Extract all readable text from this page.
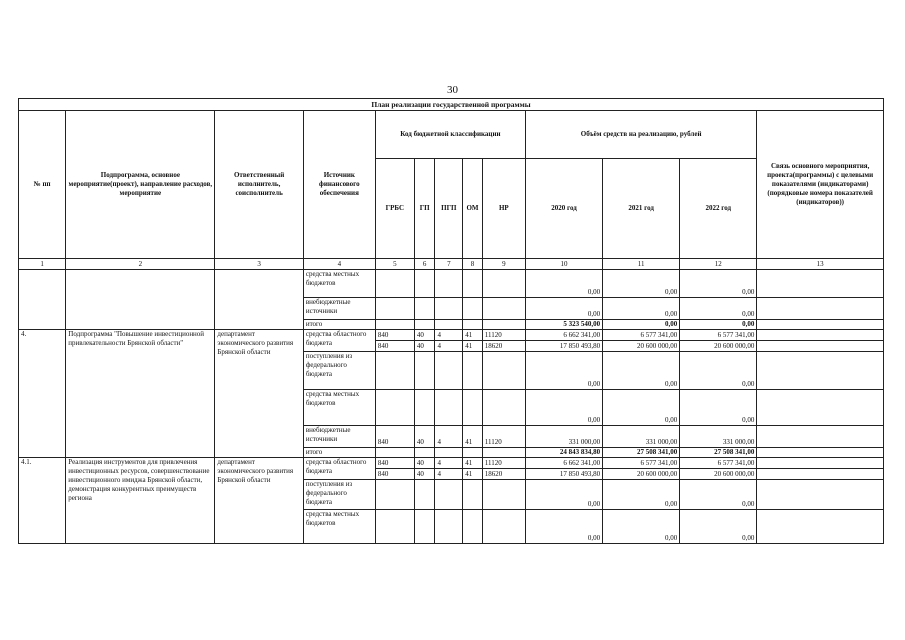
30
План реализации государственной программы												
№ пп	Подпрограмма, основное мероприятие(проект), направление расходов, мероприятие	Ответственный исполнитель, соисполнитель	Источник финансового обеспечения	Код бюджетной классификации					Объём средств на реализацию, рублей			Связь основного мероприятия, проекта(программы) с целевыми показателями (индикаторами) (порядковые номера показателей (индикаторов))
				ГРБС	ГП	ПГП	ОМ	НР	2020 год	2021 год	2022 год	
1	2	3	4	5	6	7	8	9	10	11	12	13
			средства местных бюджетов						0,00	0,00	0,00	
			внебюджетные источники						0,00	0,00	0,00	
			итого						5 323 540,00	0,00	0,00	
4.	Подпрограмма "Повышение инвестиционной привлекательности Брянской области"	департамент экономического развития Брянской области	средства областного бюджета	840	40	4	41	11120	6 662 341,00	6 577 341,00	6 577 341,00	
				840	40	4	41	18620	17 850 493,80	20 600 000,00	20 600 000,00	
			поступления из федерального бюджета						0,00	0,00	0,00	
			средства местных бюджетов						0,00	0,00	0,00	
			внебюджетные источники	840	40	4	41	11120	331 000,00	331 000,00	331 000,00	
			итого						24 843 834,80	27 508 341,00	27 508 341,00	
4.1.	Реализация инструментов для привлечения инвестиционных ресурсов, совершенствование инвестиционного имиджа Брянской области, демонстрация конкурентных преимуществ региона	департамент экономического развития Брянской области	средства областного бюджета	840	40	4	41	11120	6 662 341,00	6 577 341,00	6 577 341,00	
				840	40	4	41	18620	17 850 493,80	20 600 000,00	20 600 000,00	
			поступления из федерального бюджета						0,00	0,00	0,00	
			средства местных бюджетов						0,00	0,00	0,00	
